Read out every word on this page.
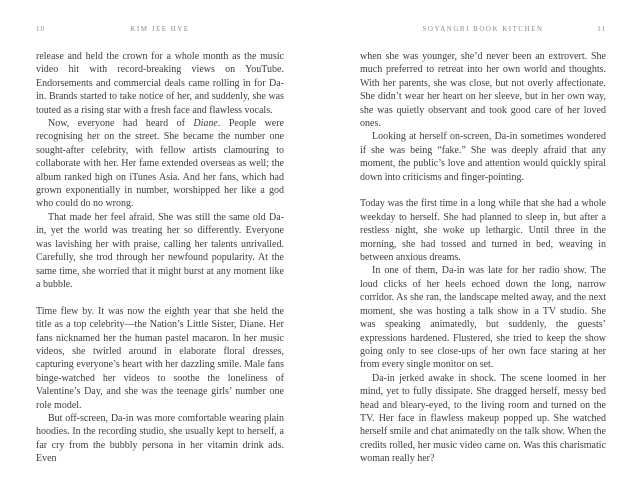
10	KIM JEE HYE

release and held the crown for a whole month as the music video hit with record-breaking views on YouTube. Endorsements and commercial deals came rolling in for Da-in. Brands started to take notice of her, and suddenly, she was touted as a rising star with a fresh face and flawless vocals.

Now, everyone had heard of Diane. People were recognising her on the street. She became the number one sought-after celebrity, with fellow artists clamouring to collaborate with her. Her fame extended overseas as well; the album ranked high on iTunes Asia. And her fans, which had grown exponentially in number, worshipped her like a god who could do no wrong.

That made her feel afraid. She was still the same old Da-in, yet the world was treating her so differently. Everyone was lavishing her with praise, calling her talents unrivalled. Carefully, she trod through her newfound popularity. At the same time, she worried that it might burst at any moment like a bubble.

Time flew by. It was now the eighth year that she held the title as a top celebrity—the Nation’s Little Sister, Diane. Her fans nicknamed her the human pastel macaron. In her music videos, she twirled around in elaborate floral dresses, capturing everyone’s heart with her dazzling smile. Male fans binge-watched her videos to soothe the loneliness of Valentine’s Day, and she was the teenage girls’ number one role model.

But off-screen, Da-in was more comfortable wearing plain hoodies. In the recording studio, she usually kept to herself, a far cry from the bubbly persona in her vitamin drink ads. Even

SOYANGRI BOOK KITCHEN	11

when she was younger, she’d never been an extrovert. She much preferred to retreat into her own world and thoughts. With her parents, she was close, but not overly affectionate. She didn’t wear her heart on her sleeve, but in her own way, she was quietly observant and took good care of her loved ones.

Looking at herself on-screen, Da-in sometimes wondered if she was being “fake.” She was deeply afraid that any moment, the public’s love and attention would quickly spiral down into criticisms and finger-pointing.

Today was the first time in a long while that she had a whole weekday to herself. She had planned to sleep in, but after a restless night, she woke up lethargic. Until three in the morning, she had tossed and turned in bed, weaving in between anxious dreams.

In one of them, Da-in was late for her radio show. The loud clicks of her heels echoed down the long, narrow corridor. As she ran, the landscape melted away, and the next moment, she was hosting a talk show in a TV studio. She was speaking animatedly, but suddenly, the guests’ expressions hardened. Flustered, she tried to keep the show going only to see close-ups of her own face staring at her from every single monitor on set.

Da-in jerked awake in shock. The scene loomed in her mind, yet to fully dissipate. She dragged herself, messy bed head and bleary-eyed, to the living room and turned on the TV. Her face in flawless makeup popped up. She watched herself smile and chat animatedly on the talk show. When the credits rolled, her music video came on. Was this charismatic woman really her?
